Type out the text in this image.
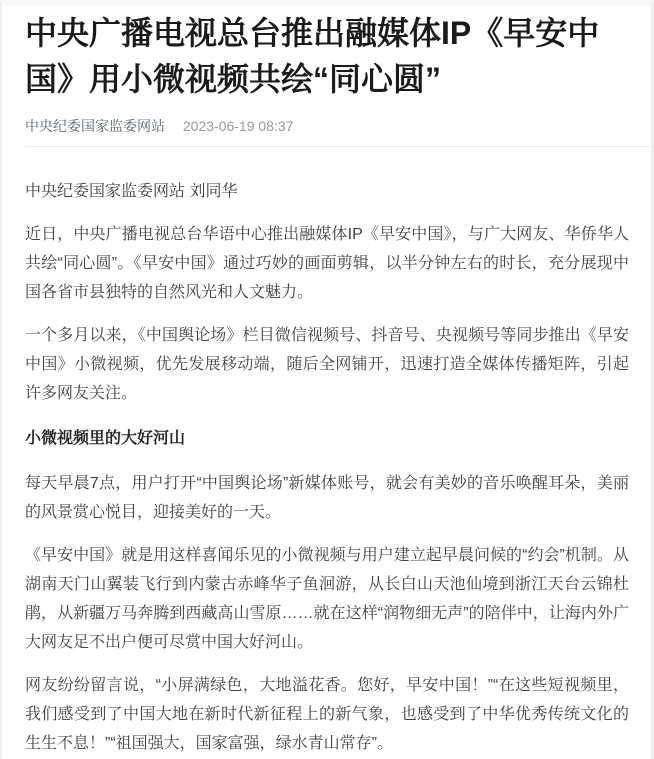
中央广播电视总台推出融媒体IP《早安中国》用小微视频共绘“同心圆”
中央纪委国家监委网站 2023-06-19 08:37

中央纪委国家监委网站 刘同华

近日，中央广播电视总台华语中心推出融媒体IP《早安中国》，与广大网友、华侨华人共绘“同心圆”。《早安中国》通过巧妙的画面剪辑，以半分钟左右的时长，充分展现中国各省市县独特的自然风光和人文魅力。

一个多月以来，《中国舆论场》栏目微信视频号、抖音号、央视频号等同步推出《早安中国》小微视频，优先发展移动端，随后全网铺开，迅速打造全媒体传播矩阵，引起许多网友关注。

小微视频里的大好河山

每天早晨7点，用户打开“中国舆论场”新媒体账号，就会有美妙的音乐唤醒耳朵，美丽的风景赏心悦目，迎接美好的一天。

《早安中国》就是用这样喜闻乐见的小微视频与用户建立起早晨问候的“约会”机制。从湖南天门山翼装飞行到内蒙古赤峰华子鱼洄游，从长白山天池仙境到浙江天台云锦杜鹃，从新疆万马奔腾到西藏高山雪原……就在这样“润物细无声”的陪伴中，让海内外广大网友足不出户便可尽赏中国大好河山。

网友纷纷留言说，“小屏满绿色，大地溢花香。您好，早安中国！”“在这些短视频里，我们感受到了中国大地在新时代新征程上的新气象，也感受到了中华优秀传统文化的生生不息！”“祖国强大，国家富强，绿水青山常存”。
